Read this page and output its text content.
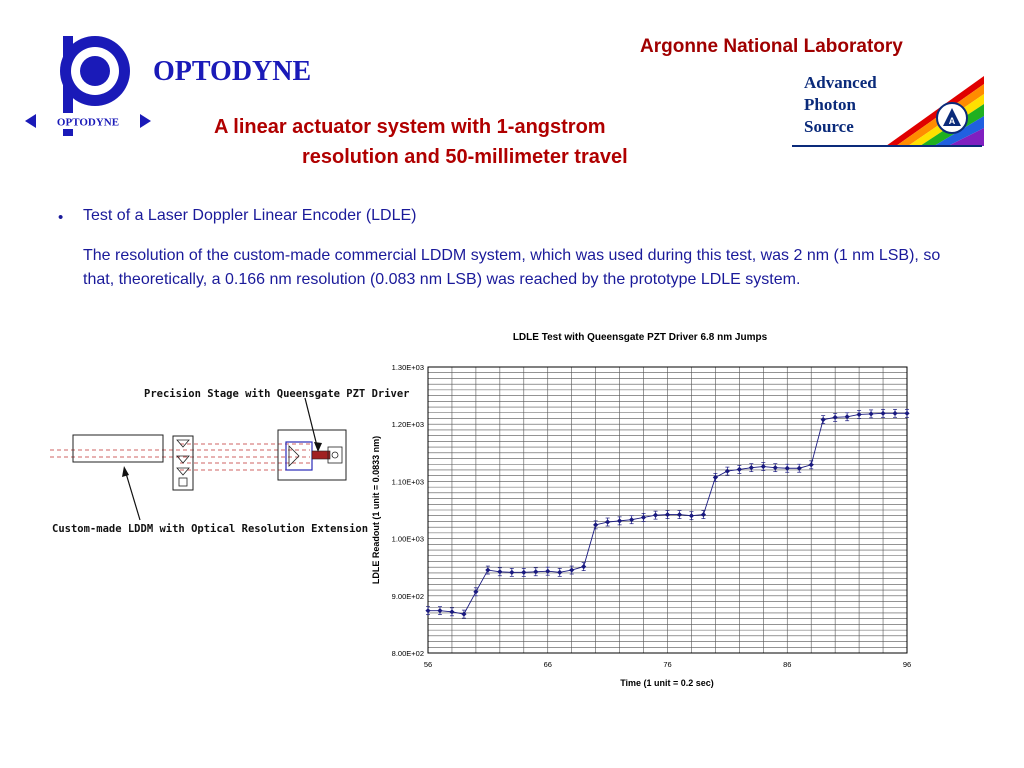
OPTODYNE
OPTODYNE
Argonne National Laboratory
A
Advanced
Photon
Source
A linear actuator system with 1-angstrom
resolution and 50-millimeter travel
• Test of a Laser Doppler Linear Encoder (LDLE)
The resolution of the custom-made commercial LDDM system, which was used during this test, was 2 nm (1 nm LSB), so that, theoretically, a 0.166 nm resolution (0.083 nm LSB) was reached by the prototype LDLE system.
Precision Stage with Queensgate PZT Driver
Custom-made LDDM with Optical Resolution Extension
LDLE Test with Queensgate PZT Driver 6.8 nm Jumps
8.00E+02
9.00E+02
1.00E+03
1.10E+03
1.20E+03
1.30E+03
56	66	76	86	96
Time (1 unit = 0.2 sec)
LDLE Readout (1 unit = 0.0833 nm)
